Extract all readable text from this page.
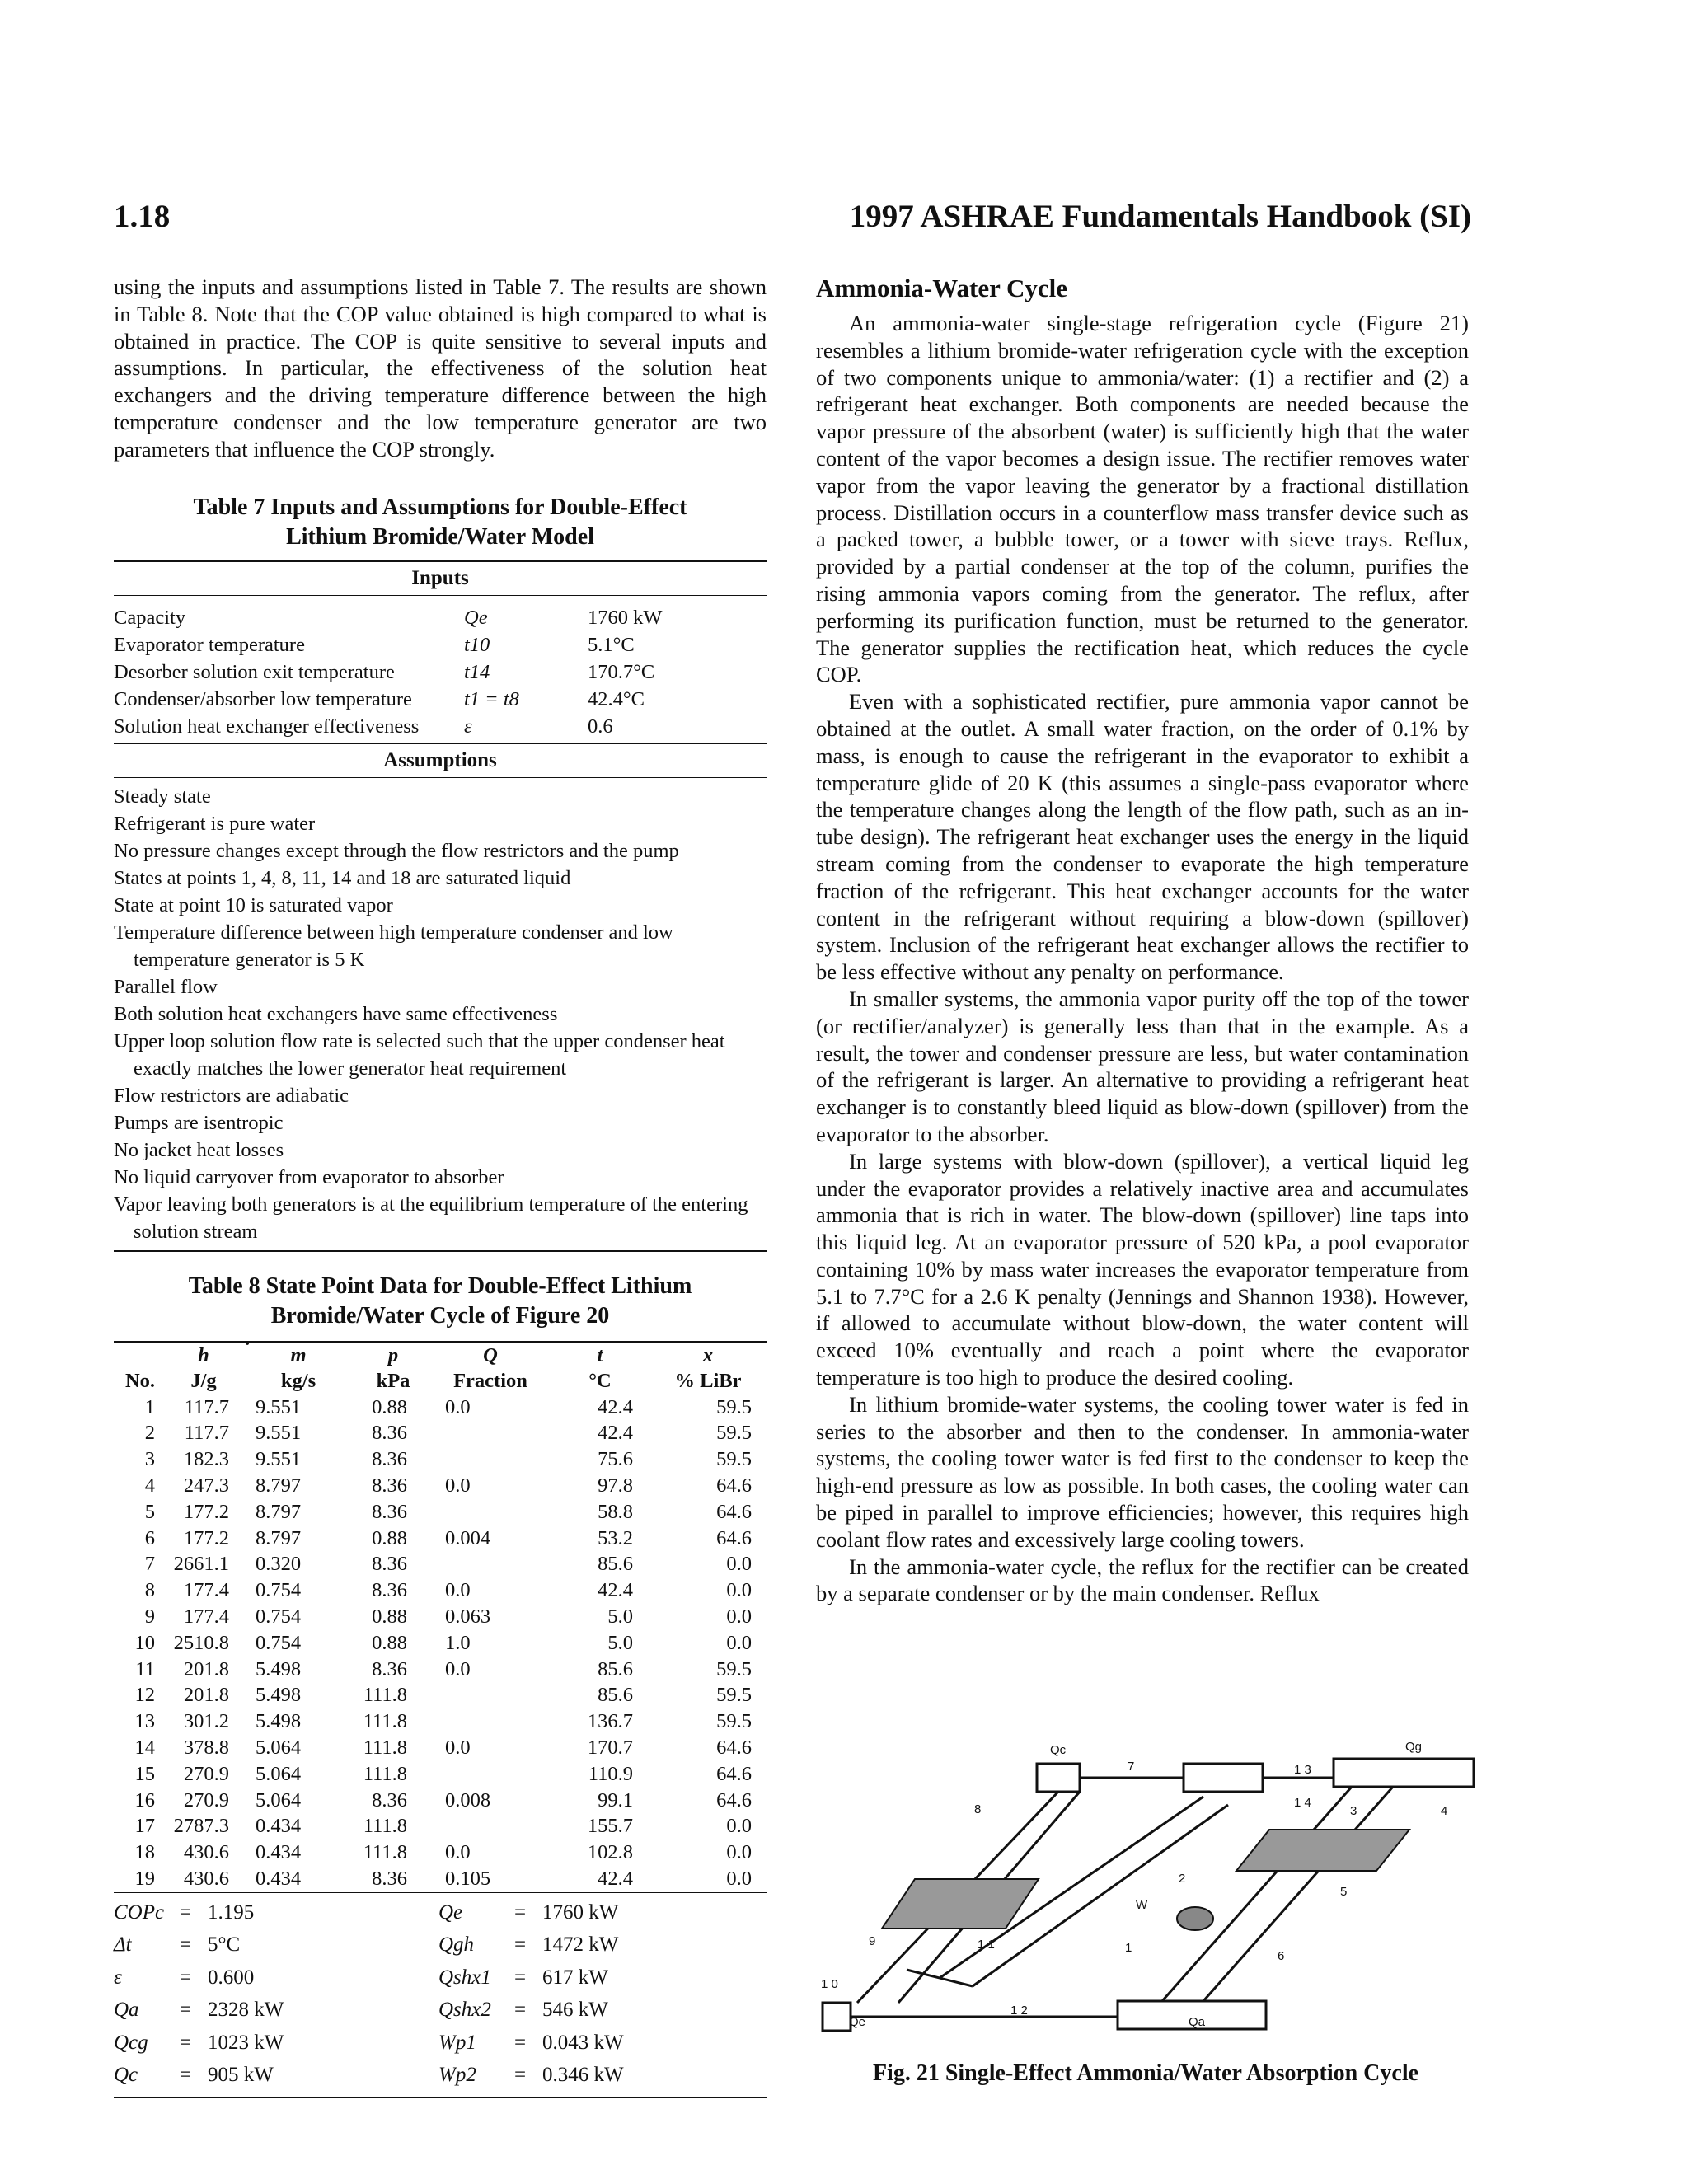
1.18	1997 ASHRAE Fundamentals Handbook (SI)

using the inputs and assumptions listed in Table 7. The results are shown in Table 8. Note that the COP value obtained is high compared to what is obtained in practice. The COP is quite sensitive to several inputs and assumptions. In particular, the effectiveness of the solution heat exchangers and the driving temperature difference between the high temperature condenser and the low temperature generator are two parameters that influence the COP strongly.

Table 7 Inputs and Assumptions for Double-Effect

Lithium Bromide/Water Model

Inputs
Capacity	Qe	1760 kW
Evaporator temperature	t10	5.1°C
Desorber solution exit temperature	t14	170.7°C
Condenser/absorber low temperature	t1 = t8	42.4°C
Solution heat exchanger effectiveness	ε	0.6
Assumptions
Steady state
Refrigerant is pure water
No pressure changes except through the flow restrictors and the pump
States at points 1, 4, 8, 11, 14 and 18 are saturated liquid
State at point 10 is saturated vapor
Temperature difference between high temperature condenser and low temperature generator is 5 K
Parallel flow
Both solution heat exchangers have same effectiveness
Upper loop solution flow rate is selected such that the upper condenser heat exactly matches the lower generator heat requirement
Flow restrictors are adiabatic
Pumps are isentropic
No jacket heat losses
No liquid carryover from evaporator to absorber
Vapor leaving both generators is at the equilibrium temperature of the entering solution stream

Table 8 State Point Data for Double-Effect Lithium

Bromide/Water Cycle of Figure 20

	h	· m	p	Q	t	x
No.	J/g	kg/s	kPa	Fraction	°C	% LiBr
1	117.7	9.551	0.88	0.0	42.4	59.5
2	117.7	9.551	8.36		42.4	59.5
3	182.3	9.551	8.36		75.6	59.5
4	247.3	8.797	8.36	0.0	97.8	64.6
5	177.2	8.797	8.36		58.8	64.6
6	177.2	8.797	0.88	0.004	53.2	64.6
7	2661.1	0.320	8.36		85.6	0.0
8	177.4	0.754	8.36	0.0	42.4	0.0
9	177.4	0.754	0.88	0.063	5.0	0.0
10	2510.8	0.754	0.88	1.0	5.0	0.0
11	201.8	5.498	8.36	0.0	85.6	59.5
12	201.8	5.498	111.8		85.6	59.5
13	301.2	5.498	111.8		136.7	59.5
14	378.8	5.064	111.8	0.0	170.7	64.6
15	270.9	5.064	111.8		110.9	64.6
16	270.9	5.064	8.36	0.008	99.1	64.6
17	2787.3	0.434	111.8		155.7	0.0
18	430.6	0.434	111.8	0.0	102.8	0.0
19	430.6	0.434	8.36	0.105	42.4	0.0
COPc = 1.195	Qe	= 1760 kW
Δt	= 5°C	Qgh	= 1472 kW
ε	= 0.600	Qshx1	= 617 kW
Qa	= 2328 kW	Qshx2	= 546 kW
Qcg	= 1023 kW	Wp1	= 0.043 kW
Qc	= 905 kW	Wp2	= 0.346 kW
Ammonia-Water Cycle

An ammonia-water single-stage refrigeration cycle (Figure 21) resembles a lithium bromide-water refrigeration cycle with the exception of two components unique to ammonia/water: (1) a rectifier and (2) a refrigerant heat exchanger. Both components are needed because the vapor pressure of the absorbent (water) is sufficiently high that the water content of the vapor becomes a design issue. The rectifier removes water vapor from the vapor leaving the generator by a fractional distillation process. Distillation occurs in a counterflow mass transfer device such as a packed tower, a bubble tower, or a tower with sieve trays. Reflux, provided by a partial condenser at the top of the column, purifies the rising ammonia vapors coming from the generator. The reflux, after performing its purification function, must be returned to the generator. The generator supplies the rectification heat, which reduces the cycle COP.

Even with a sophisticated rectifier, pure ammonia vapor cannot be obtained at the outlet. A small water fraction, on the order of 0.1% by mass, is enough to cause the refrigerant in the evaporator to exhibit a temperature glide of 20 K (this assumes a single-pass evaporator where the temperature changes along the length of the flow path, such as an in-tube design). The refrigerant heat exchanger uses the energy in the liquid stream coming from the condenser to evaporate the high temperature fraction of the refrigerant. This heat exchanger accounts for the water content in the refrigerant without requiring a blow-down (spillover) system. Inclusion of the refrigerant heat exchanger allows the rectifier to be less effective without any penalty on performance.

In smaller systems, the ammonia vapor purity off the top of the tower (or rectifier/analyzer) is generally less than that in the example. As a result, the tower and condenser pressure are less, but water contamination of the refrigerant is larger. An alternative to providing a refrigerant heat exchanger is to constantly bleed liquid as blow-down (spillover) from the evaporator to the absorber.

In large systems with blow-down (spillover), a vertical liquid leg under the evaporator provides a relatively inactive area and accumulates ammonia that is rich in water. The blow-down (spillover) line taps into this liquid leg. At an evaporator pressure of 520 kPa, a pool evaporator containing 10% by mass water increases the evaporator temperature from 5.1 to 7.7°C for a 2.6 K penalty (Jennings and Shannon 1938). However, if allowed to accumulate without blow-down, the water content will exceed 10% eventually and reach a point where the evaporator temperature is too high to produce the desired cooling.

In lithium bromide-water systems, the cooling tower water is fed in series to the absorber and then to the condenser. In ammonia-water systems, the cooling tower water is fed first to the condenser to keep the high-end pressure as low as possible. In both cases, the cooling water can be piped in parallel to improve efficiencies; however, this requires high coolant flow rates and excessively large cooling towers.

In the ammonia-water cycle, the reflux for the rectifier can be created by a separate condenser or by the main condenser. Reflux

Qc	Qg
Qe	Qa
W
1
2
3	4
5
6
7
8
9
1 0
1 1
1 2
1 3
1 4
Fig. 21 Single-Effect Ammonia/Water Absorption Cycle
